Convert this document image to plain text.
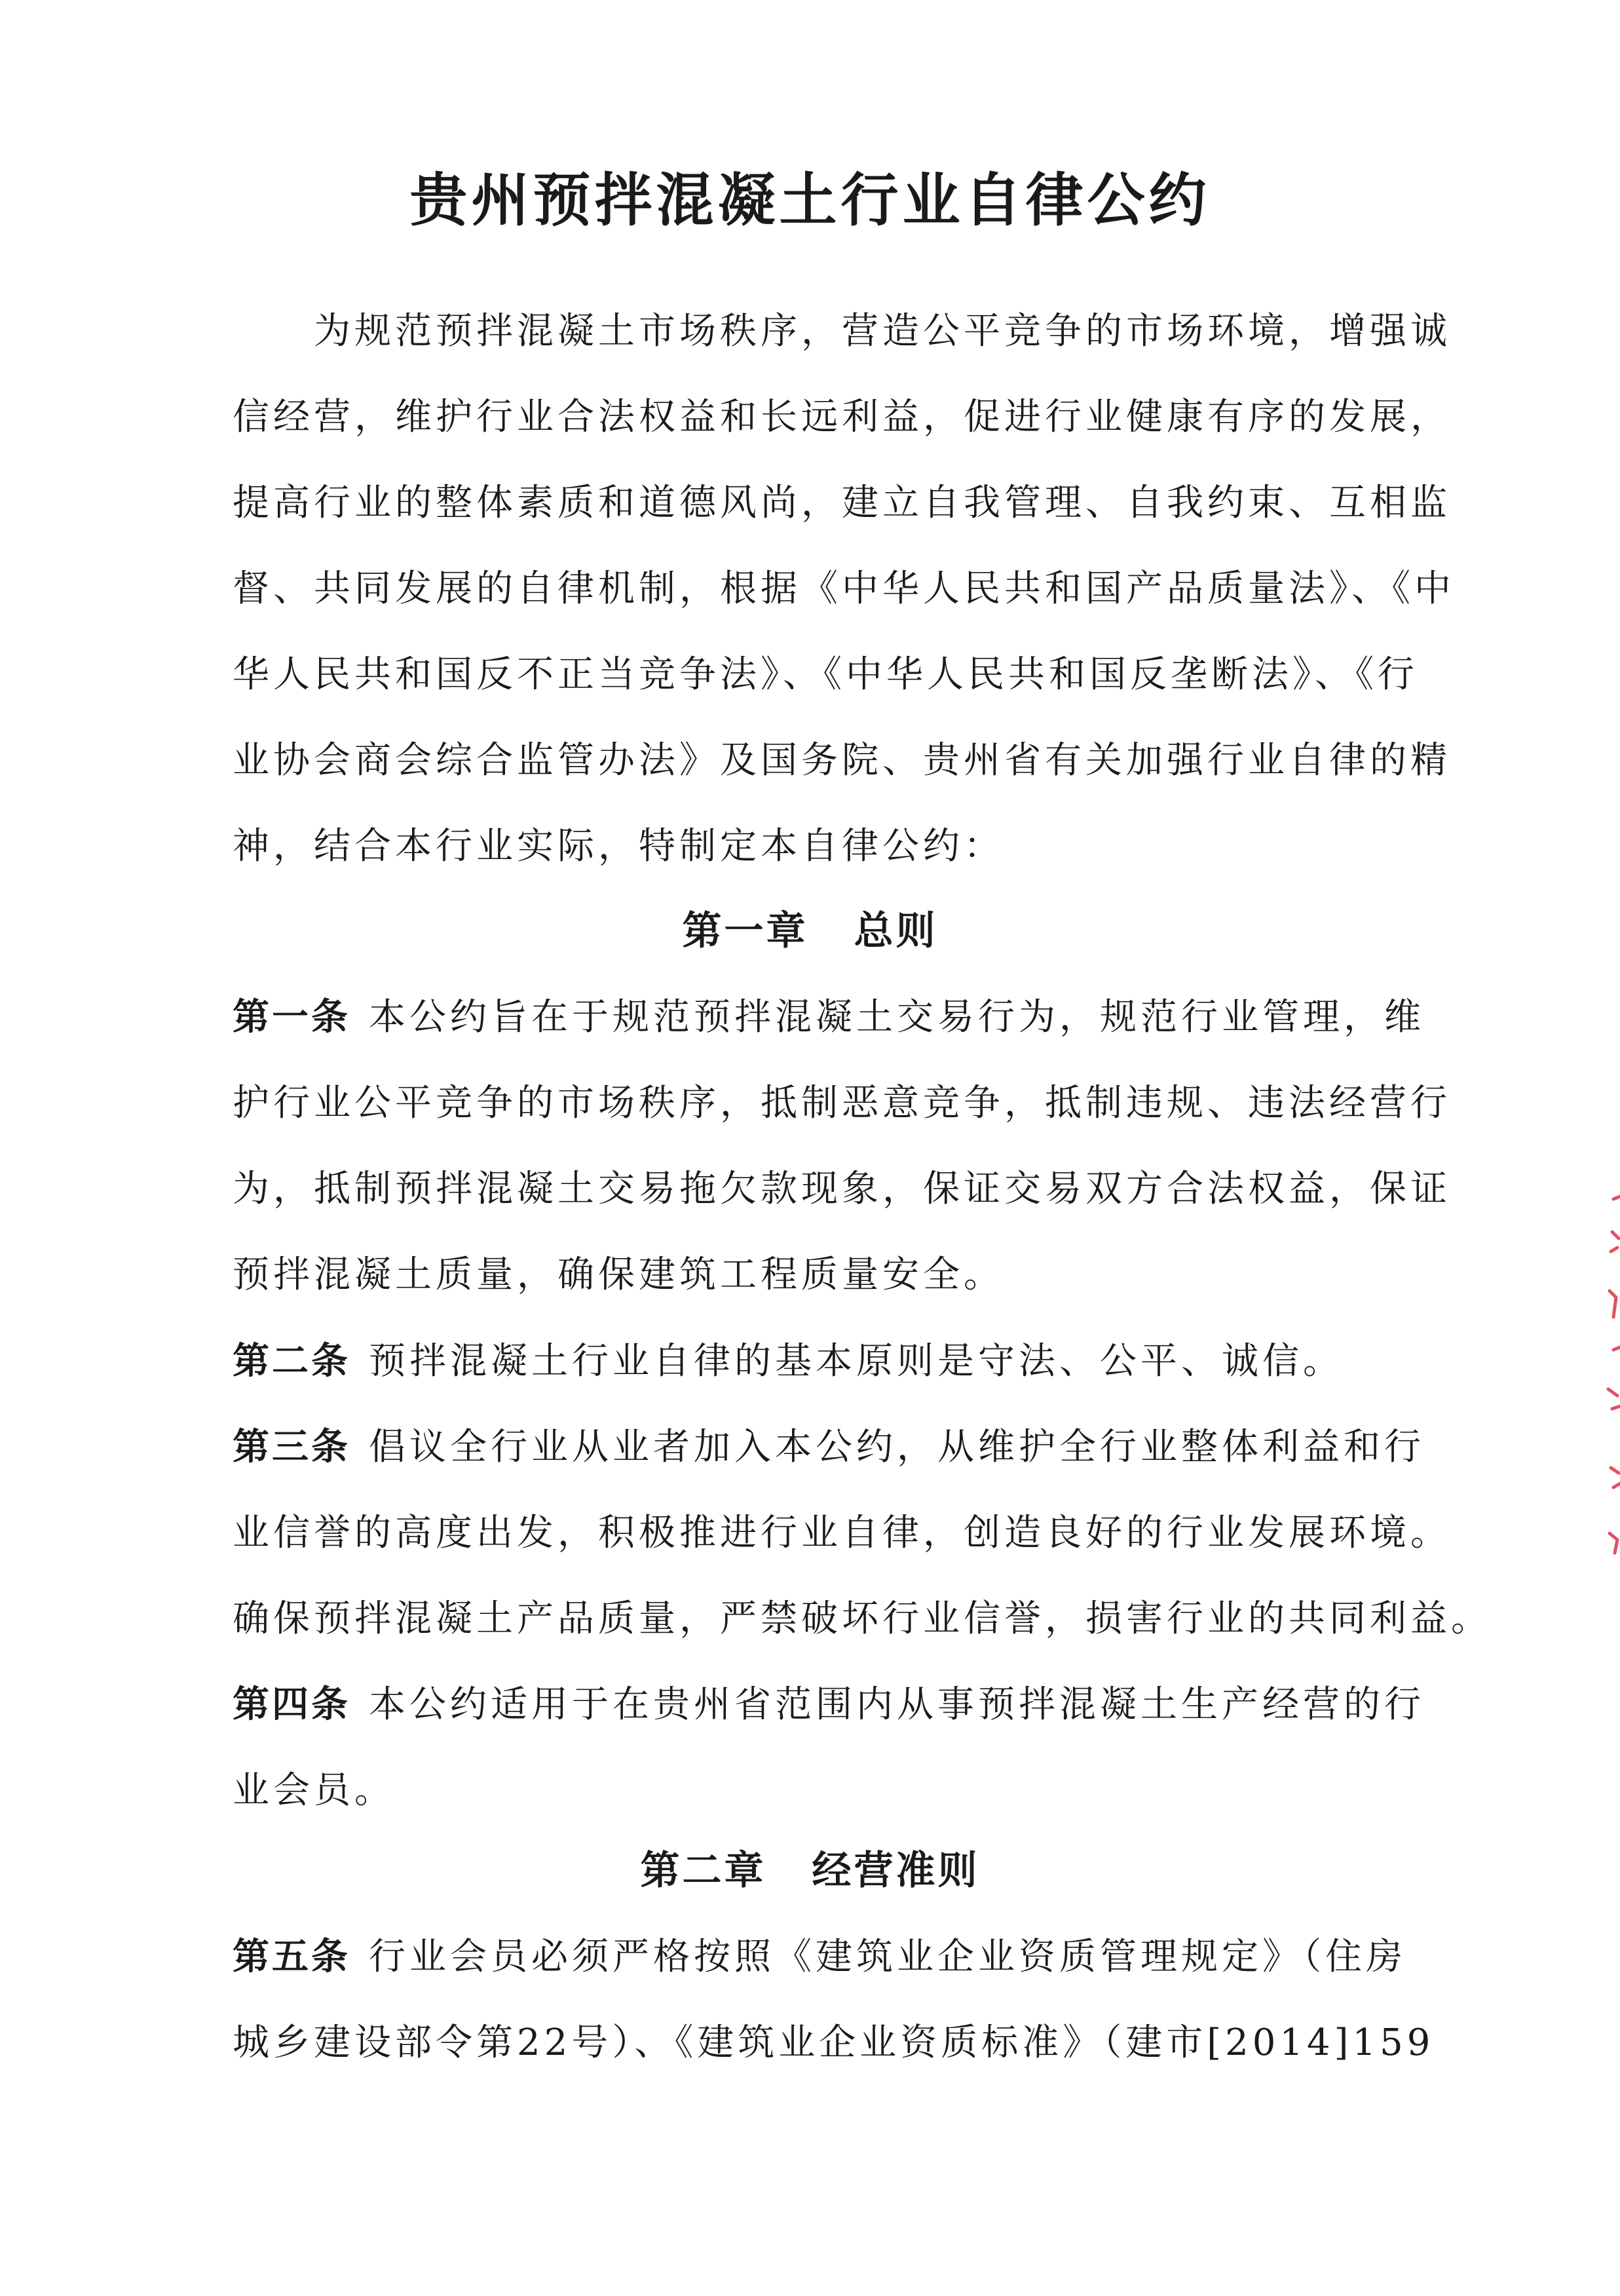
贵州预拌混凝土行业自律公约
　　为规范预拌混凝土市场秩序，营造公平竞争的市场环境，增强诚
信经营，维护行业合法权益和长远利益，促进行业健康有序的发展，
提高行业的整体素质和道德风尚，建立自我管理、自我约束、互相监
督、共同发展的自律机制，根据《中华人民共和国产品质量法》、《中
华人民共和国反不正当竞争法》、《中华人民共和国反垄断法》、《行
业协会商会综合监管办法》及国务院、贵州省有关加强行业自律的精
神，结合本行业实际，特制定本自律公约：
第一章 总则
第一条 本公约旨在于规范预拌混凝土交易行为，规范行业管理，维
护行业公平竞争的市场秩序，抵制恶意竞争，抵制违规、违法经营行
为，抵制预拌混凝土交易拖欠款现象，保证交易双方合法权益，保证
预拌混凝土质量，确保建筑工程质量安全。
第二条 预拌混凝土行业自律的基本原则是守法、公平、诚信。
第三条 倡议全行业从业者加入本公约，从维护全行业整体利益和行
业信誉的高度出发，积极推进行业自律，创造良好的行业发展环境。
确保预拌混凝土产品质量，严禁破坏行业信誉，损害行业的共同利益。
第四条 本公约适用于在贵州省范围内从事预拌混凝土生产经营的行
业会员。
第二章 经营准则
第五条 行业会员必须严格按照《建筑业企业资质管理规定》（住房
城乡建设部令第22号）、《建筑业企业资质标准》（建市[2014]159
